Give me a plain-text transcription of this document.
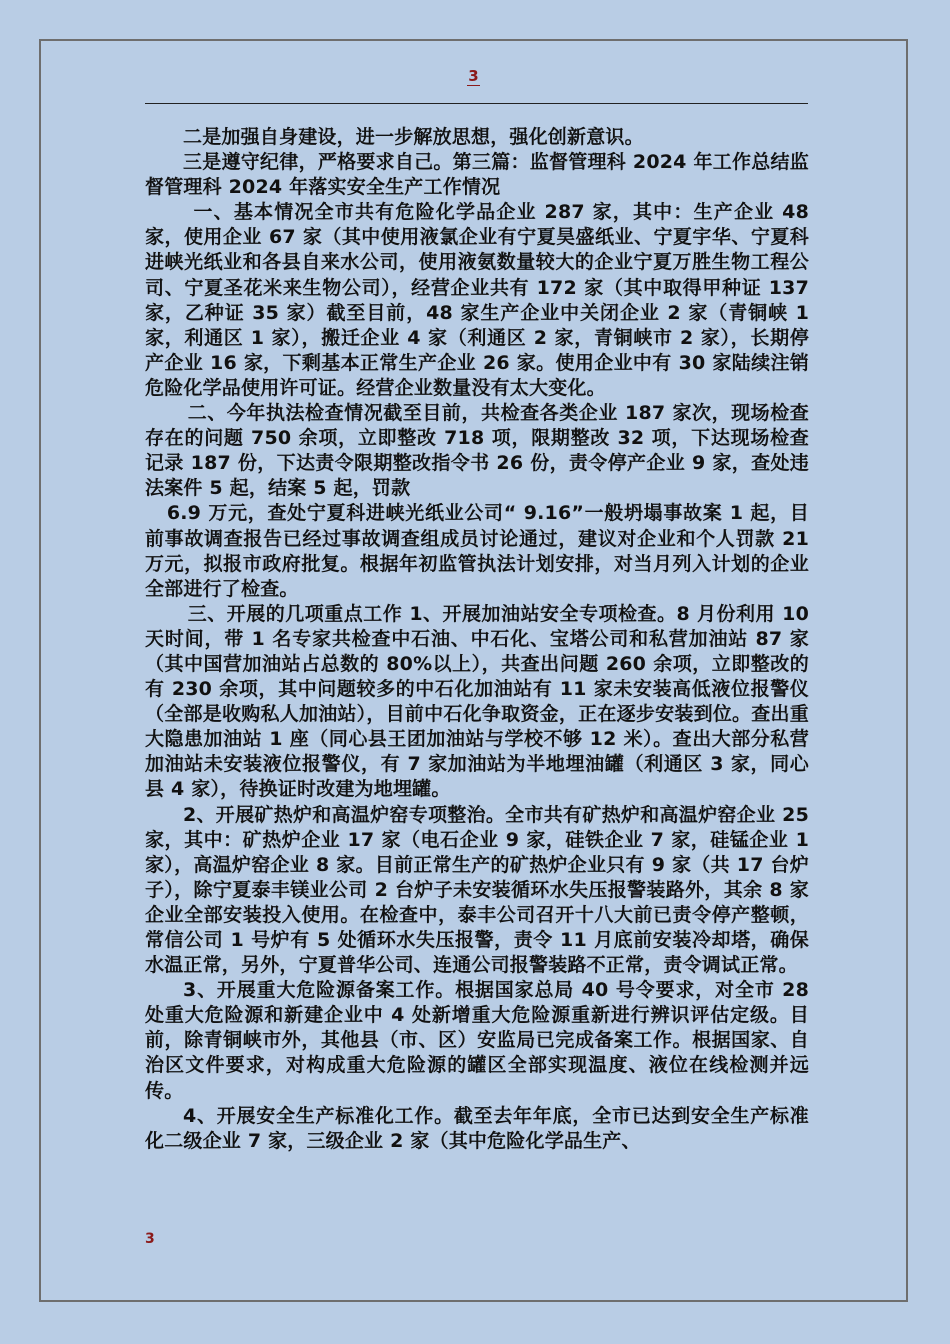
3

二是加强自身建设，进一步解放思想，强化创新意识。

三是遵守纪律，严格要求自己。第三篇：监督管理科 2024 年工作总结监督管理科 2024 年落实安全生产工作情况

一、基本情况全市共有危险化学品企业 287 家，其中：生产企业 48 家，使用企业 67 家（其中使用液氯企业有宁夏昊盛纸业、宁夏宇华、宁夏科进峡光纸业和各县自来水公司，使用液氨数量较大的企业宁夏万胜生物工程公司、宁夏圣花米来生物公司），经营企业共有 172 家（其中取得甲种证 137 家，乙种证 35 家）截至目前，48 家生产企业中关闭企业 2 家（青铜峡 1 家，利通区 1 家），搬迁企业 4 家（利通区 2 家，青铜峡市 2 家），长期停产企业 16 家，下剩基本正常生产企业 26 家。使用企业中有 30 家陆续注销危险化学品使用许可证。经营企业数量没有太大变化。

二、今年执法检查情况截至目前，共检查各类企业 187 家次，现场检查存在的问题 750 余项，立即整改 718 项，限期整改 32 项，下达现场检查记录 187 份，下达责令限期整改指令书 26 份，责令停产企业 9 家，查处违法案件 5 起，结案 5 起，罚款

6.9 万元，查处宁夏科进峡光纸业公司“ 9.16”一般坍塌事故案 1 起，目前事故调查报告已经过事故调查组成员讨论通过，建议对企业和个人罚款 21 万元，拟报市政府批复。根据年初监管执法计划安排，对当月列入计划的企业全部进行了检查。

三、开展的几项重点工作 1、开展加油站安全专项检查。8 月份利用 10 天时间，带 1 名专家共检查中石油、中石化、宝塔公司和私营加油站 87 家（其中国营加油站占总数的 80%以上），共查出问题 260 余项，立即整改的有 230 余项，其中问题较多的中石化加油站有 11 家未安装高低液位报警仪（全部是收购私人加油站），目前中石化争取资金，正在逐步安装到位。查出重大隐患加油站 1 座（同心县王团加油站与学校不够 12 米）。查出大部分私营加油站未安装液位报警仪，有 7 家加油站为半地埋油罐（利通区 3 家，同心县 4 家），待换证时改建为地埋罐。

2、开展矿热炉和高温炉窑专项整治。全市共有矿热炉和高温炉窑企业 25 家，其中：矿热炉企业 17 家（电石企业 9 家，硅铁企业 7 家，硅锰企业 1 家），高温炉窑企业 8 家。目前正常生产的矿热炉企业只有 9 家（共 17 台炉子），除宁夏泰丰镁业公司 2 台炉子未安装循环水失压报警装路外，其余 8 家企业全部安装投入使用。在检查中，泰丰公司召开十八大前已责令停产整顿，常信公司 1 号炉有 5 处循环水失压报警，责令 11 月底前安装冷却塔，确保水温正常，另外，宁夏普华公司、连通公司报警装路不正常，责令调试正常。

3、开展重大危险源备案工作。根据国家总局 40 号令要求，对全市 28 处重大危险源和新建企业中 4 处新增重大危险源重新进行辨识评估定级。目前，除青铜峡市外，其他县（市、区）安监局已完成备案工作。根据国家、自治区文件要求，对构成重大危险源的罐区全部实现温度、液位在线检测并远传。

4、开展安全生产标准化工作。截至去年年底，全市已达到安全生产标准化二级企业 7 家，三级企业 2 家（其中危险化学品生产、

3
